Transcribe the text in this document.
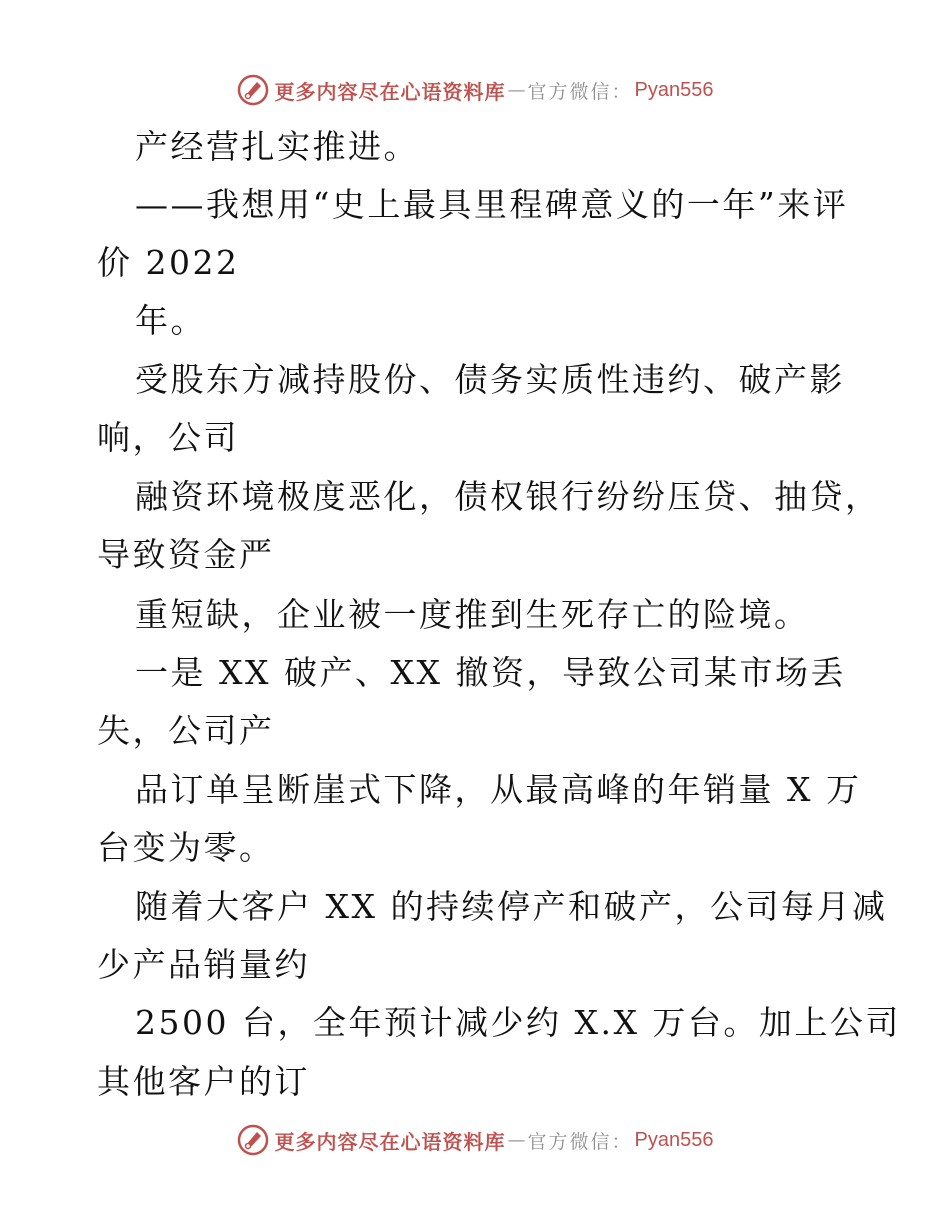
更多内容尽在心语资料库 — 官方微信： Pyan556
产经营扎实推进。
——我想用“史上最具里程碑意义的一年”来评
价 2022
年。
受股东方减持股份、债务实质性违约、破产影
响，公司
融资环境极度恶化，债权银行纷纷压贷、抽贷，
导致资金严
重短缺，企业被一度推到生死存亡的险境。
一是 XX 破产、XX 撤资，导致公司某市场丢
失，公司产
品订单呈断崖式下降，从最高峰的年销量 X 万
台变为零。
随着大客户 XX 的持续停产和破产，公司每月减
少产品销量约
2500 台，全年预计减少约 X.X 万台。加上公司
其他客户的订
更多内容尽在心语资料库 — 官方微信： Pyan556
